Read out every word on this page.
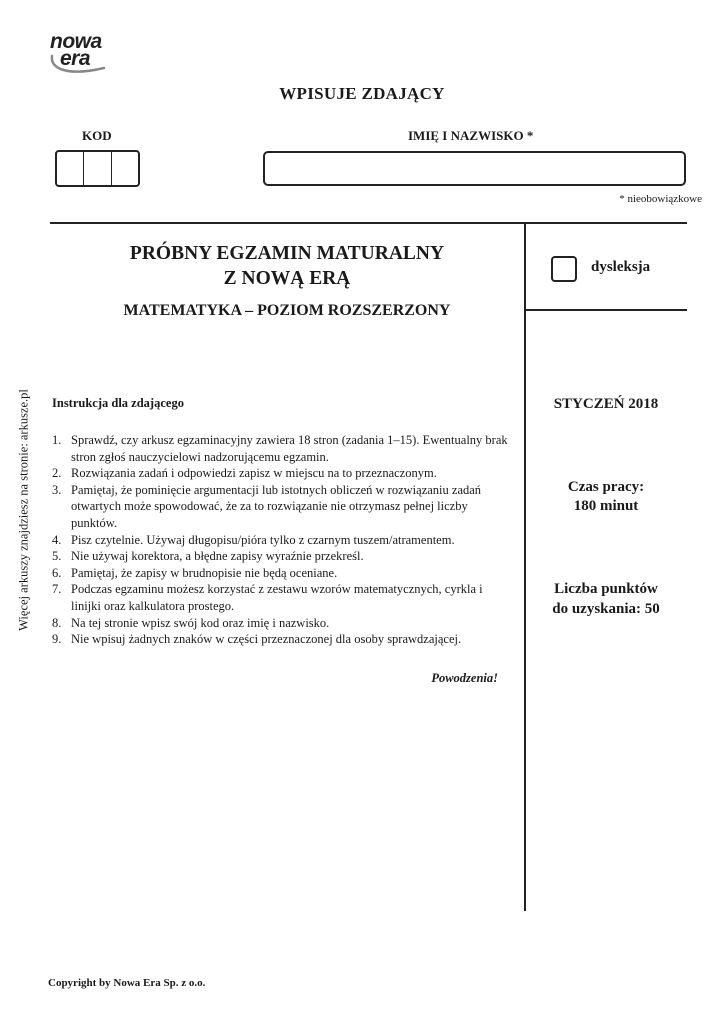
nowa
era
WPISUJE ZDAJĄCY
KOD	IMIĘ I NAZWISKO *
* nieobowiązkowe
PRÓBNY EGZAMIN MATURALNY
Z NOWĄ ERĄ
MATEMATYKA – POZIOM ROZSZERZONY
dysleksja
Więcej arkuszy znajdziesz na stronie: arkusze.pl Instrukcja dla zdającego
1. Sprawdź, czy arkusz egzaminacyjny zawiera 18 stron (zadania 1–15). Ewentualny brak stron zgłoś nauczycielowi nadzorującemu egzamin.
2. Rozwiązania zadań i odpowiedzi zapisz w miejscu na to przeznaczonym.
3. Pamiętaj, że pominięcie argumentacji lub istotnych obliczeń w rozwiązaniu zadań otwartych może spowodować, że za to rozwiązanie nie otrzymasz pełnej liczby punktów.
4. Pisz czytelnie. Używaj długopisu/pióra tylko z czarnym tuszem/atramentem.
5. Nie używaj korektora, a błędne zapisy wyraźnie przekreśl.
6. Pamiętaj, że zapisy w brudnopisie nie będą oceniane.
7. Podczas egzaminu możesz korzystać z zestawu wzorów matematycznych, cyrkla i linijki oraz kalkulatora prostego.
8. Na tej stronie wpisz swój kod oraz imię i nazwisko.
9. Nie wpisuj żadnych znaków w części przeznaczonej dla osoby sprawdzającej.
Powodzenia!
STYCZEŃ 2018
Czas pracy:
180 minut
Liczba punktów
do uzyskania: 50
Copyright by Nowa Era Sp. z o.o.
